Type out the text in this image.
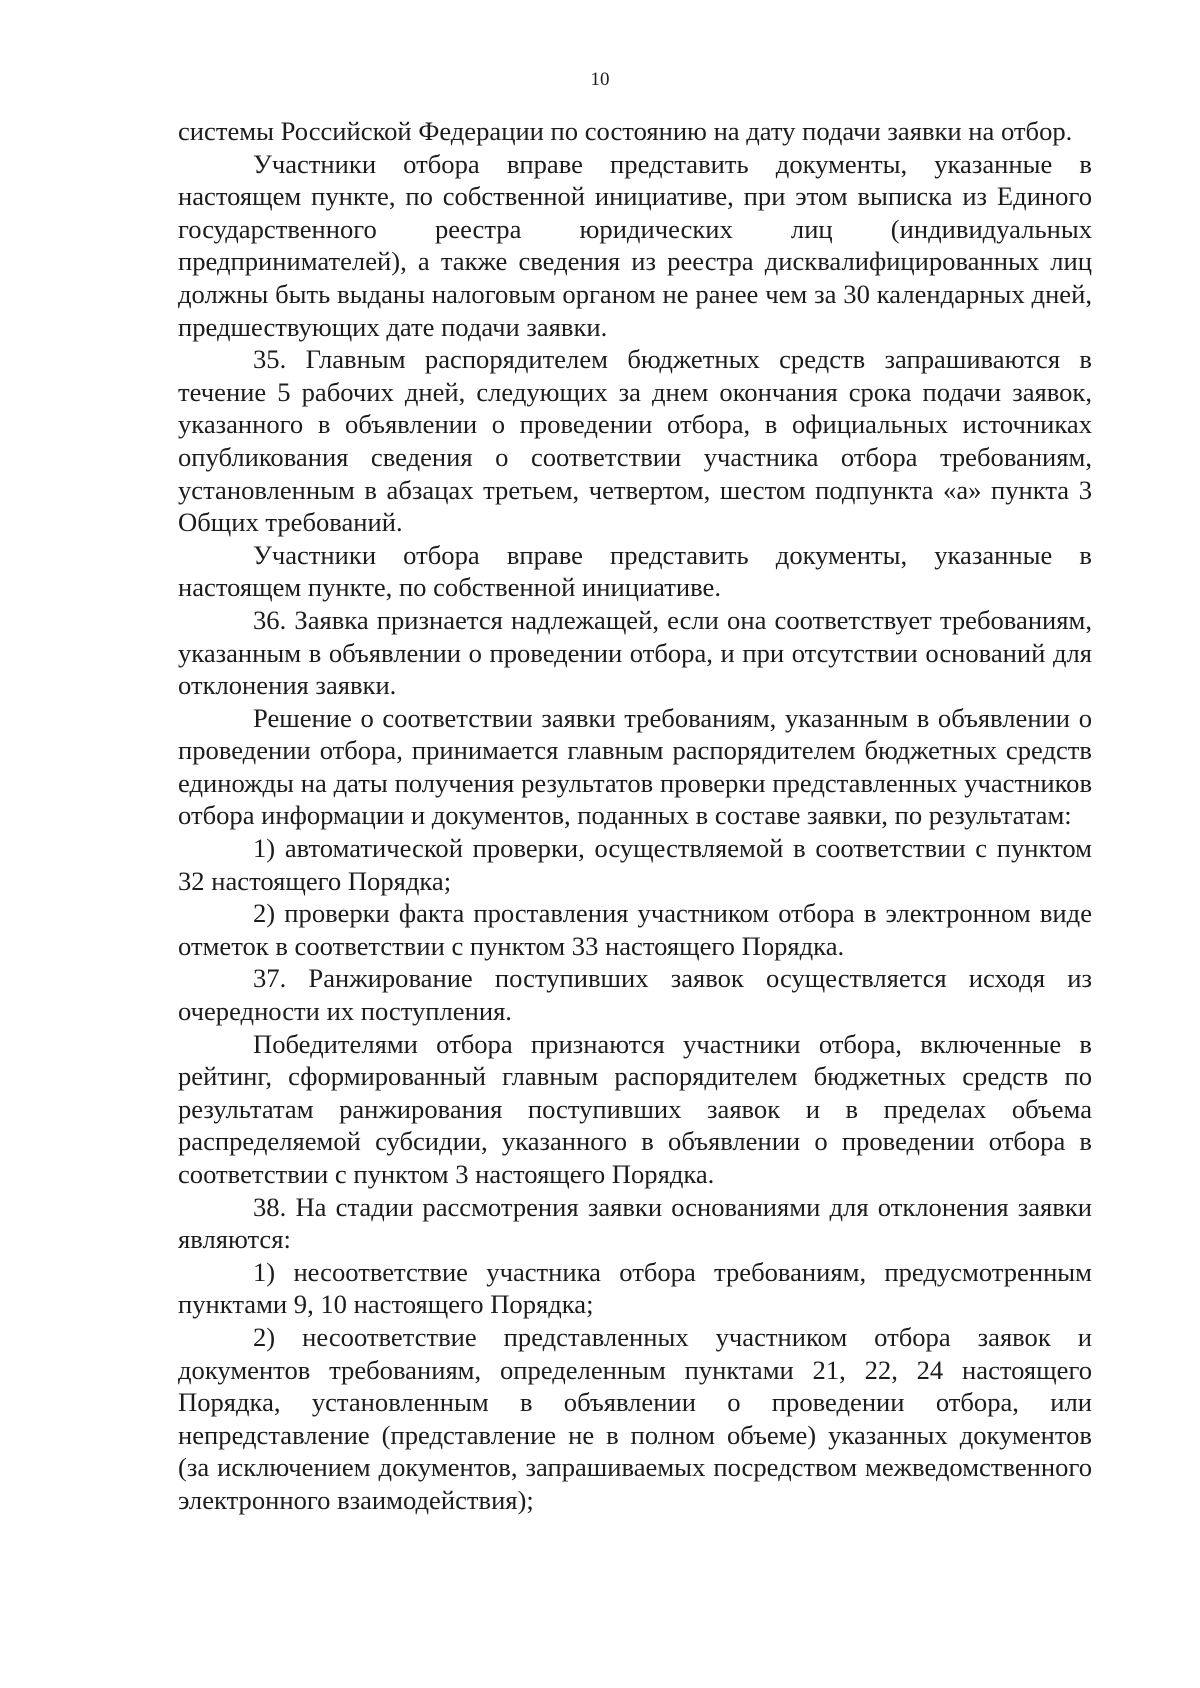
10

системы Российской Федерации по состоянию на дату подачи заявки на отбор.

Участники отбора вправе представить документы, указанные в настоящем пункте, по собственной инициативе, при этом выписка из Единого государственного реестра юридических лиц (индивидуальных предпринимателей), а также сведения из реестра дисквалифицированных лиц должны быть выданы налоговым органом не ранее чем за 30 календарных дней, предшествующих дате подачи заявки.

35. Главным распорядителем бюджетных средств запрашиваются в течение 5 рабочих дней, следующих за днем окончания срока подачи заявок, указанного в объявлении о проведении отбора, в официальных источниках опубликования сведения о соответствии участника отбора требованиям, установленным в абзацах третьем, четвертом, шестом подпункта «а» пункта 3 Общих требований.

Участники отбора вправе представить документы, указанные в настоящем пункте, по собственной инициативе.

36. Заявка признается надлежащей, если она соответствует требованиям, указанным в объявлении о проведении отбора, и при отсутствии оснований для отклонения заявки.

Решение о соответствии заявки требованиям, указанным в объявлении о проведении отбора, принимается главным распорядителем бюджетных средств единожды на даты получения результатов проверки представленных участников отбора информации и документов, поданных в составе заявки, по результатам:

1) автоматической проверки, осуществляемой в соответствии с пунктом 32 настоящего Порядка;

2) проверки факта проставления участником отбора в электронном виде отметок в соответствии с пунктом 33 настоящего Порядка.

37. Ранжирование поступивших заявок осуществляется исходя из очередности их поступления.

Победителями отбора признаются участники отбора, включенные в рейтинг, сформированный главным распорядителем бюджетных средств по результатам ранжирования поступивших заявок и в пределах объема распределяемой субсидии, указанного в объявлении о проведении отбора в соответствии с пунктом 3 настоящего Порядка.

38. На стадии рассмотрения заявки основаниями для отклонения заявки являются:

1) несоответствие участника отбора требованиям, предусмотренным пунктами 9, 10 настоящего Порядка;

2) несоответствие представленных участником отбора заявок и документов требованиям, определенным пунктами 21, 22, 24 настоящего Порядка, установленным в объявлении о проведении отбора, или непредставление (представление не в полном объеме) указанных документов (за исключением документов, запрашиваемых посредством межведомственного электронного взаимодействия);
